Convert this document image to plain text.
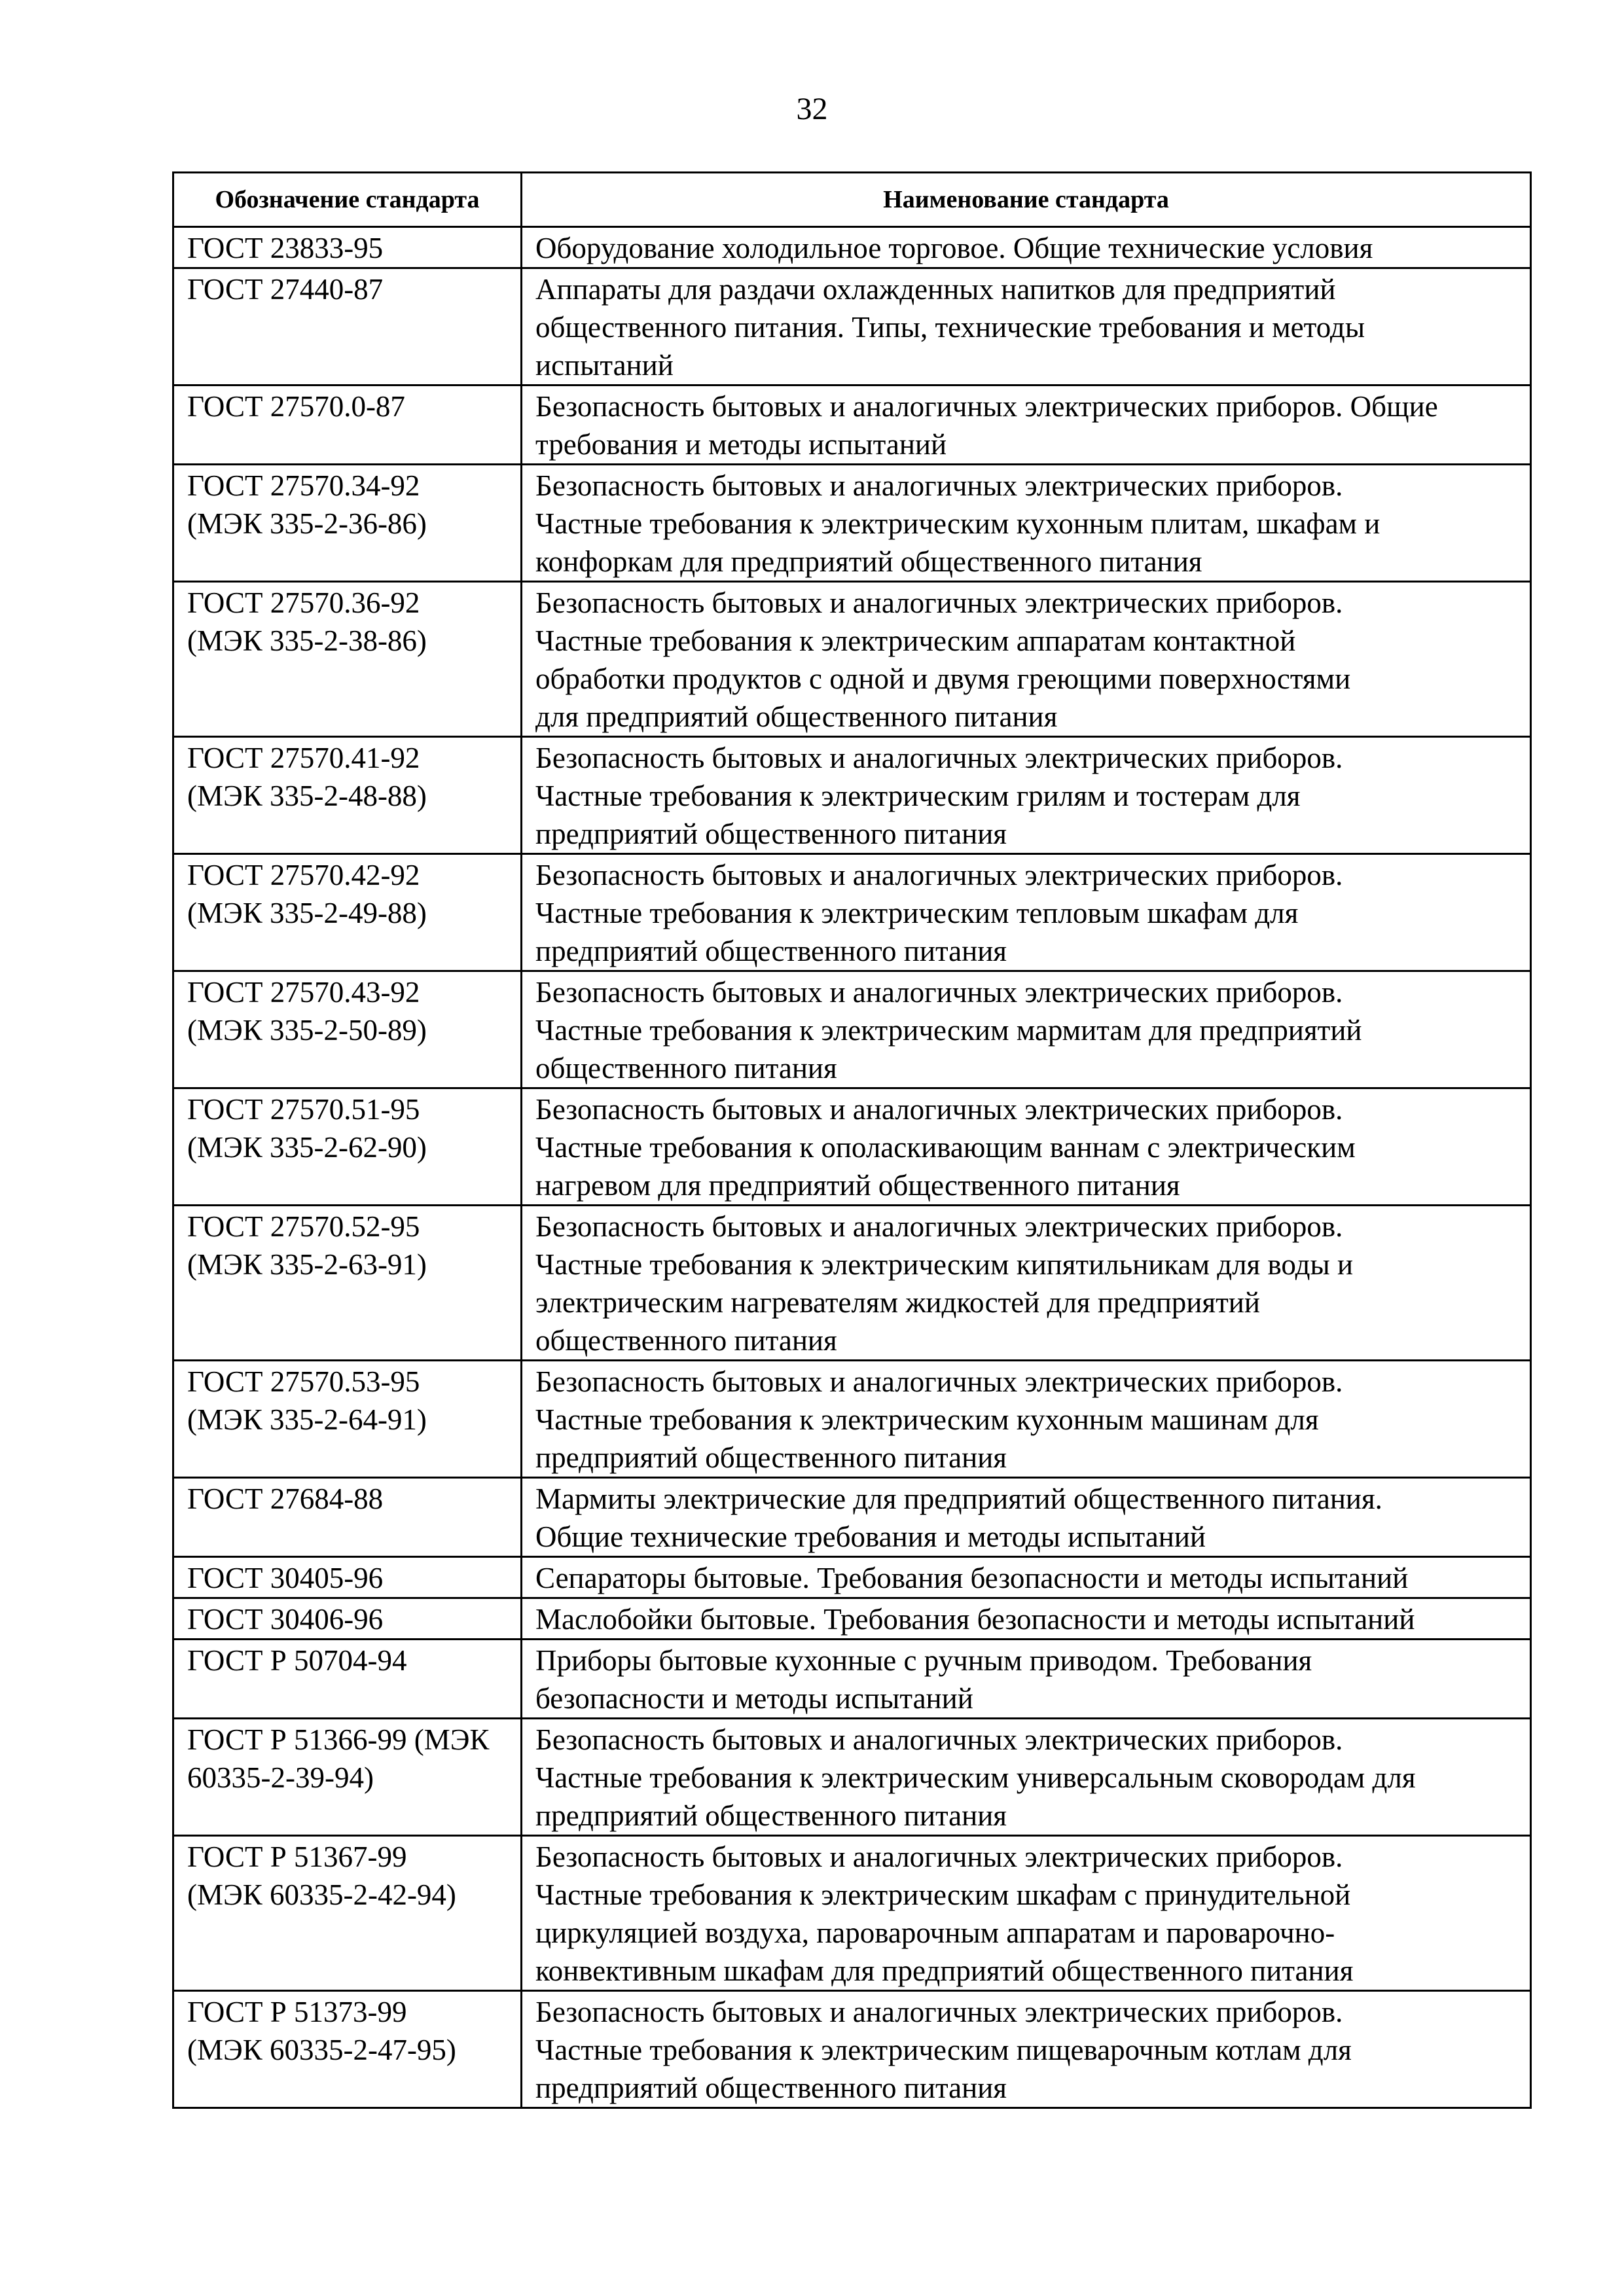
32
Обозначение стандарта	Наименование стандарта
ГОСТ 23833-95	Оборудование холодильное торговое. Общие технические условия
ГОСТ 27440-87	Аппараты для раздачи охлажденных напитков для предприятий
общественного питания. Типы, технические требования и методы
испытаний
ГОСТ 27570.0-87	Безопасность бытовых и аналогичных электрических приборов. Общие
требования и методы испытаний
ГОСТ 27570.34-92
(МЭК 335-2-36-86)	Безопасность бытовых и аналогичных электрических приборов.
Частные требования к электрическим кухонным плитам, шкафам и
конфоркам для предприятий общественного питания
ГОСТ 27570.36-92
(МЭК 335-2-38-86)	Безопасность бытовых и аналогичных электрических приборов.
Частные требования к электрическим аппаратам контактной
обработки продуктов с одной и двумя греющими поверхностями
для предприятий общественного питания
ГОСТ 27570.41-92
(МЭК 335-2-48-88)	Безопасность бытовых и аналогичных электрических приборов.
Частные требования к электрическим грилям и тостерам для
предприятий общественного питания
ГОСТ 27570.42-92
(МЭК 335-2-49-88)	Безопасность бытовых и аналогичных электрических приборов.
Частные требования к электрическим тепловым шкафам для
предприятий общественного питания
ГОСТ 27570.43-92
(МЭК 335-2-50-89)	Безопасность бытовых и аналогичных электрических приборов.
Частные требования к электрическим мармитам для предприятий
общественного питания
ГОСТ 27570.51-95
(МЭК 335-2-62-90)	Безопасность бытовых и аналогичных электрических приборов.
Частные требования к ополаскивающим ваннам с электрическим
нагревом для предприятий общественного питания
ГОСТ 27570.52-95
(МЭК 335-2-63-91)	Безопасность бытовых и аналогичных электрических приборов.
Частные требования к электрическим кипятильникам для воды и
электрическим нагревателям жидкостей для предприятий
общественного питания
ГОСТ 27570.53-95
(МЭК 335-2-64-91)	Безопасность бытовых и аналогичных электрических приборов.
Частные требования к электрическим кухонным машинам для
предприятий общественного питания
ГОСТ 27684-88	Мармиты электрические для предприятий общественного питания.
Общие технические требования и методы испытаний
ГОСТ 30405-96	Сепараторы бытовые. Требования безопасности и методы испытаний
ГОСТ 30406-96	Маслобойки бытовые. Требования безопасности и методы испытаний
ГОСТ Р 50704-94	Приборы бытовые кухонные с ручным приводом. Требования
безопасности и методы испытаний
ГОСТ Р 51366-99 (МЭК
60335-2-39-94)	Безопасность бытовых и аналогичных электрических приборов.
Частные требования к электрическим универсальным сковородам для
предприятий общественного питания
ГОСТ Р 51367-99
(МЭК 60335-2-42-94)	Безопасность бытовых и аналогичных электрических приборов.
Частные требования к электрическим шкафам с принудительной
циркуляцией воздуха, пароварочным аппаратам и пароварочно-
конвективным шкафам для предприятий общественного питания
ГОСТ Р 51373-99
(МЭК 60335-2-47-95)	Безопасность бытовых и аналогичных электрических приборов.
Частные требования к электрическим пищеварочным котлам для
предприятий общественного питания
